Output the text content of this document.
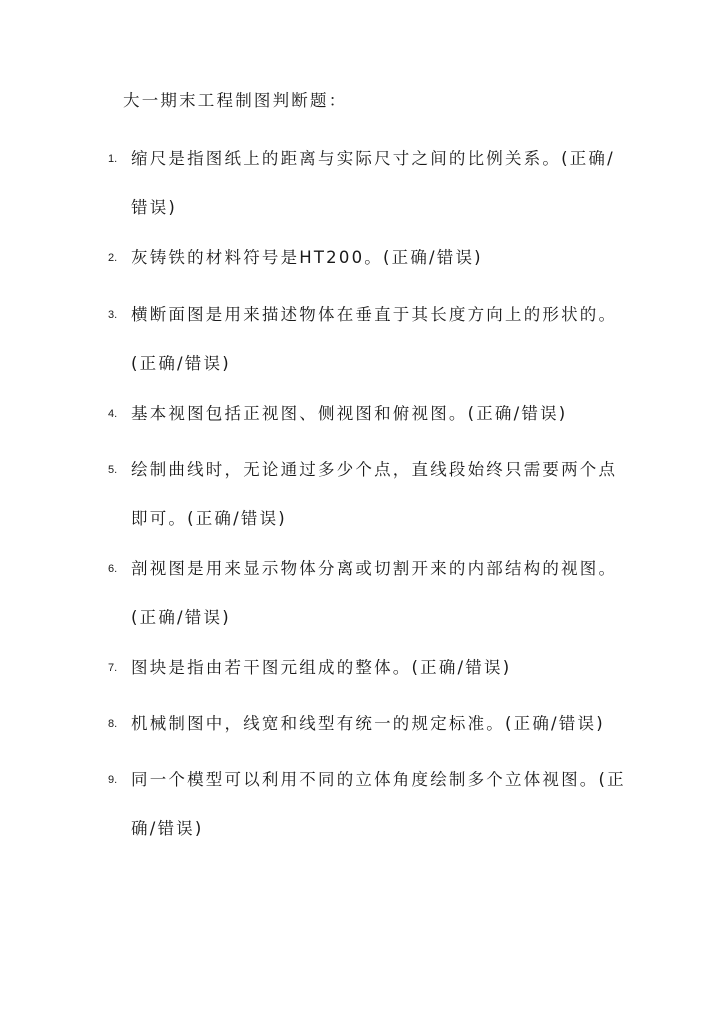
大一期末工程制图判断题：
1. 缩尺是指图纸上的距离与实际尺寸之间的比例关系。(正确/错误)
2. 灰铸铁的材料符号是HT200。(正确/错误)
3. 横断面图是用来描述物体在垂直于其长度方向上的形状的。(正确/错误)
4. 基本视图包括正视图、侧视图和俯视图。(正确/错误)
5. 绘制曲线时，无论通过多少个点，直线段始终只需要两个点即可。(正确/错误)
6. 剖视图是用来显示物体分离或切割开来的内部结构的视图。(正确/错误)
7. 图块是指由若干图元组成的整体。(正确/错误)
8. 机械制图中，线宽和线型有统一的规定标准。(正确/错误)
9. 同一个模型可以利用不同的立体角度绘制多个立体视图。(正确/错误)
